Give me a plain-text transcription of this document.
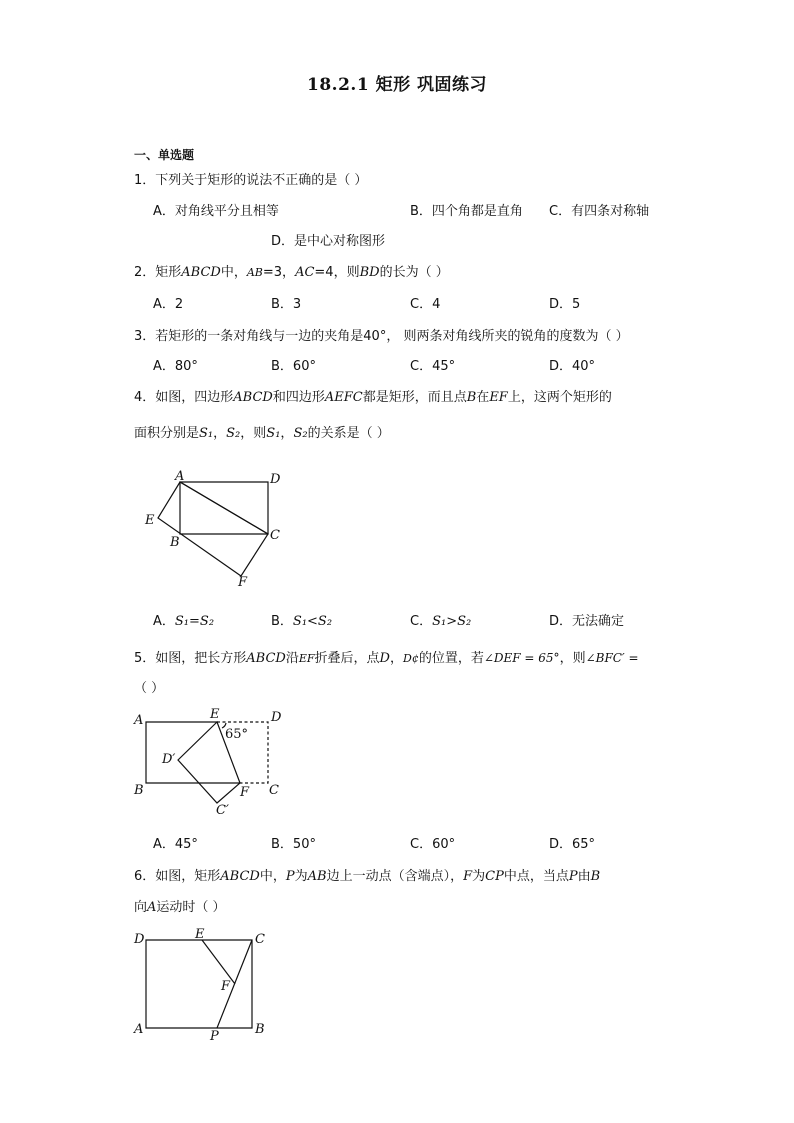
18.2.1 矩形 巩固练习
一、单选题
1．下列关于矩形的说法不正确的是（ ）
A．对角线平分且相等	B．四个角都是直角 C．有四条对称轴
D．是中心对称图形
2．矩形ABCD中，AB=3，AC=4，则BD的长为（ ）
A．2	B．3	C．4	D．5
3．若矩形的一条对角线与一边的夹角是40°， 则两条对角线所夹的锐角的度数为（ ）
A．80°	B．60°	C．45°	D．40°
4．如图，四边形ABCD和四边形AEFC都是矩形，而且点B在EF上，这两个矩形的
面积分别是S₁，S₂，则S₁，S₂的关系是（ ）
A	D
E
B	C
F
A．S₁=S₂	B．S₁<S₂	C．S₁>S₂	D．无法确定
5．如图，把长方形ABCD沿EF折叠后，点D，D¢的位置，若∠DEF = 65°，则∠BFC′ =
（ ）
A	E	D
D′
65°
B	F C
C′
A．45°	B．50°	C．60°	D．65°
6．如图，矩形ABCD中，P为AB边上一动点（含端点），F为CP中点，当点P由B
向A运动时（ ）
D	E	C
F
A	P	B
